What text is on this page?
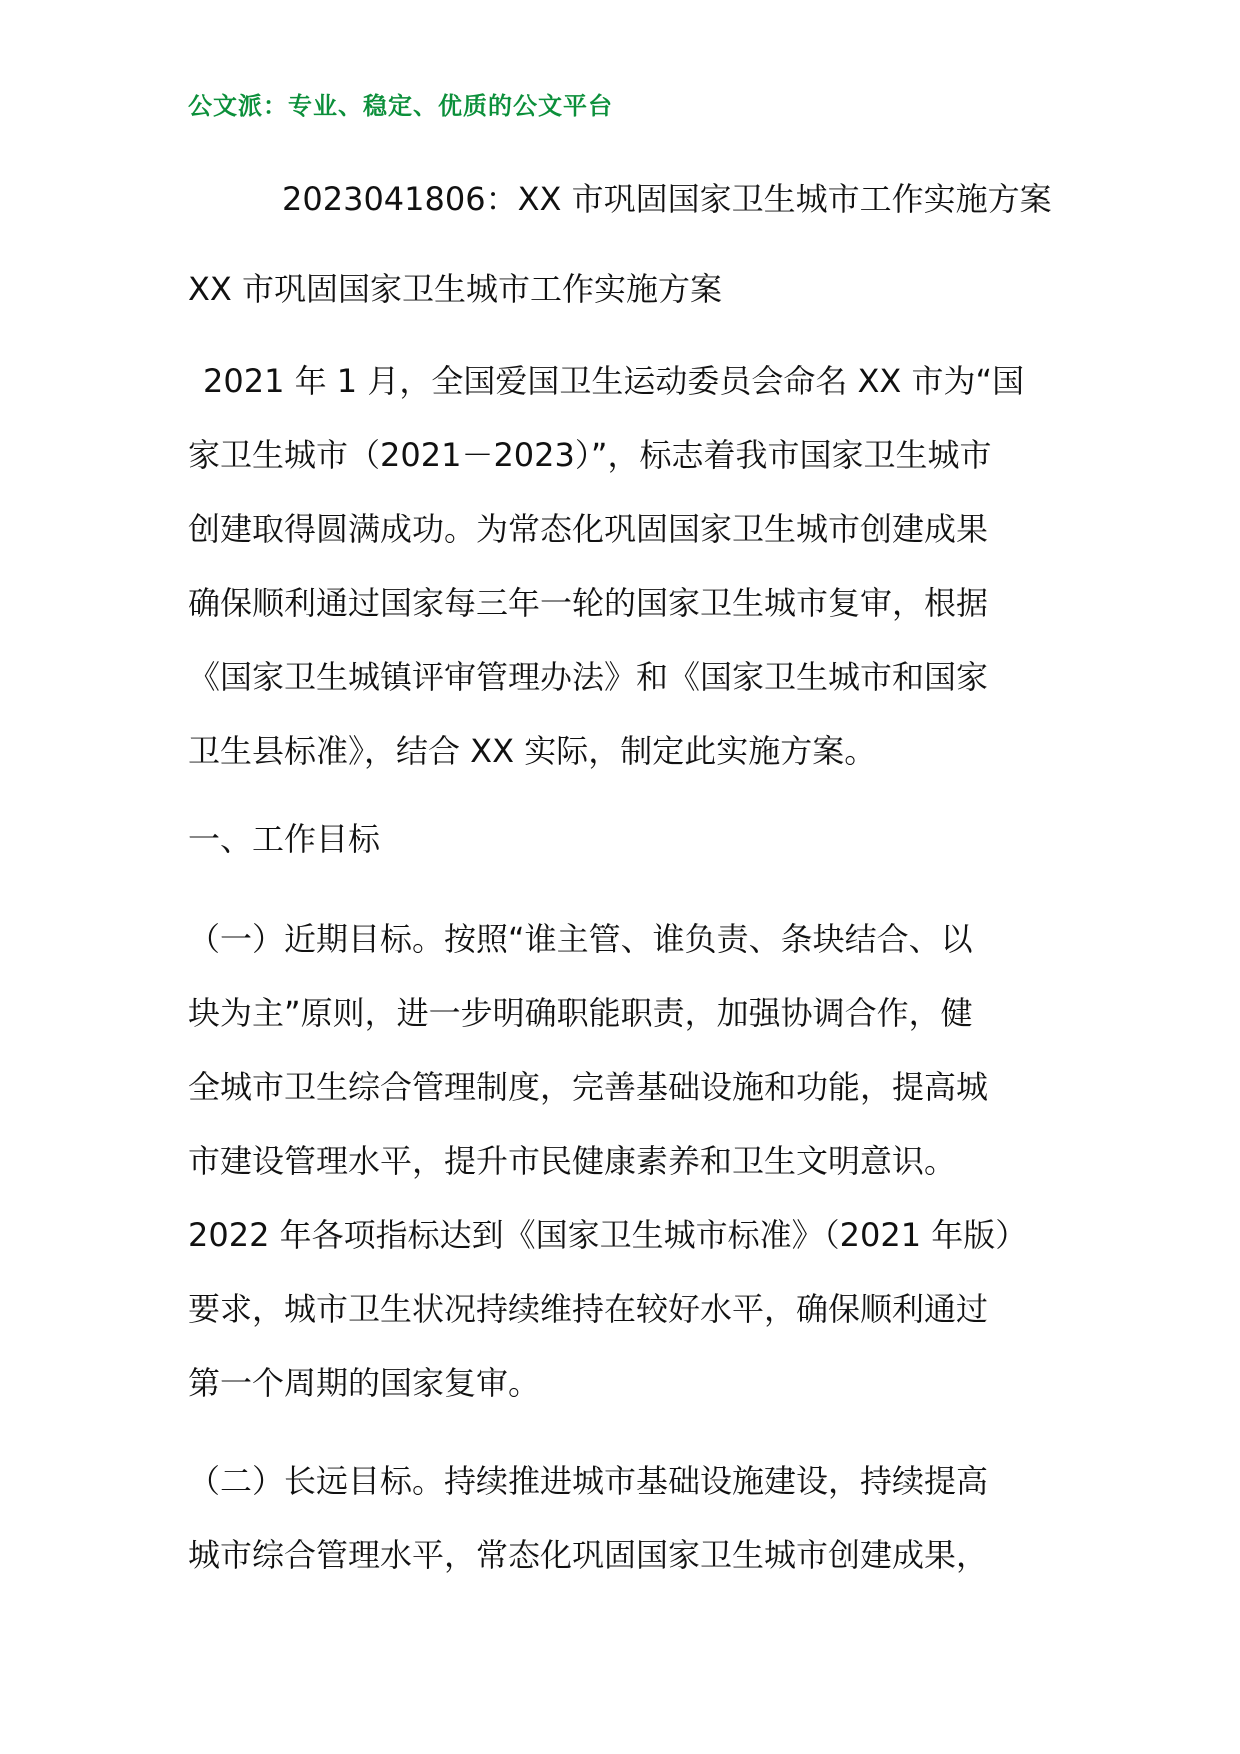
公文派：专业、稳定、优质的公文平台
2023041806：XX 市巩固国家卫生城市工作实施方案
XX 市巩固国家卫生城市工作实施方案
2021 年 1 月，全国爱国卫生运动委员会命名 XX 市为“国
家卫生城市（2021－2023）”，标志着我市国家卫生城市
创建取得圆满成功。为常态化巩固国家卫生城市创建成果
确保顺利通过国家每三年一轮的国家卫生城市复审，根据
《国家卫生城镇评审管理办法》和《国家卫生城市和国家
卫生县标准》，结合 XX 实际，制定此实施方案。
一、工作目标
（一）近期目标。按照“谁主管、谁负责、条块结合、以
块为主”原则，进一步明确职能职责，加强协调合作，健
全城市卫生综合管理制度，完善基础设施和功能，提高城
市建设管理水平，提升市民健康素养和卫生文明意识。
2022 年各项指标达到《国家卫生城市标准》（2021 年版）
要求，城市卫生状况持续维持在较好水平，确保顺利通过
第一个周期的国家复审。
（二）长远目标。持续推进城市基础设施建设，持续提高
城市综合管理水平，常态化巩固国家卫生城市创建成果，
